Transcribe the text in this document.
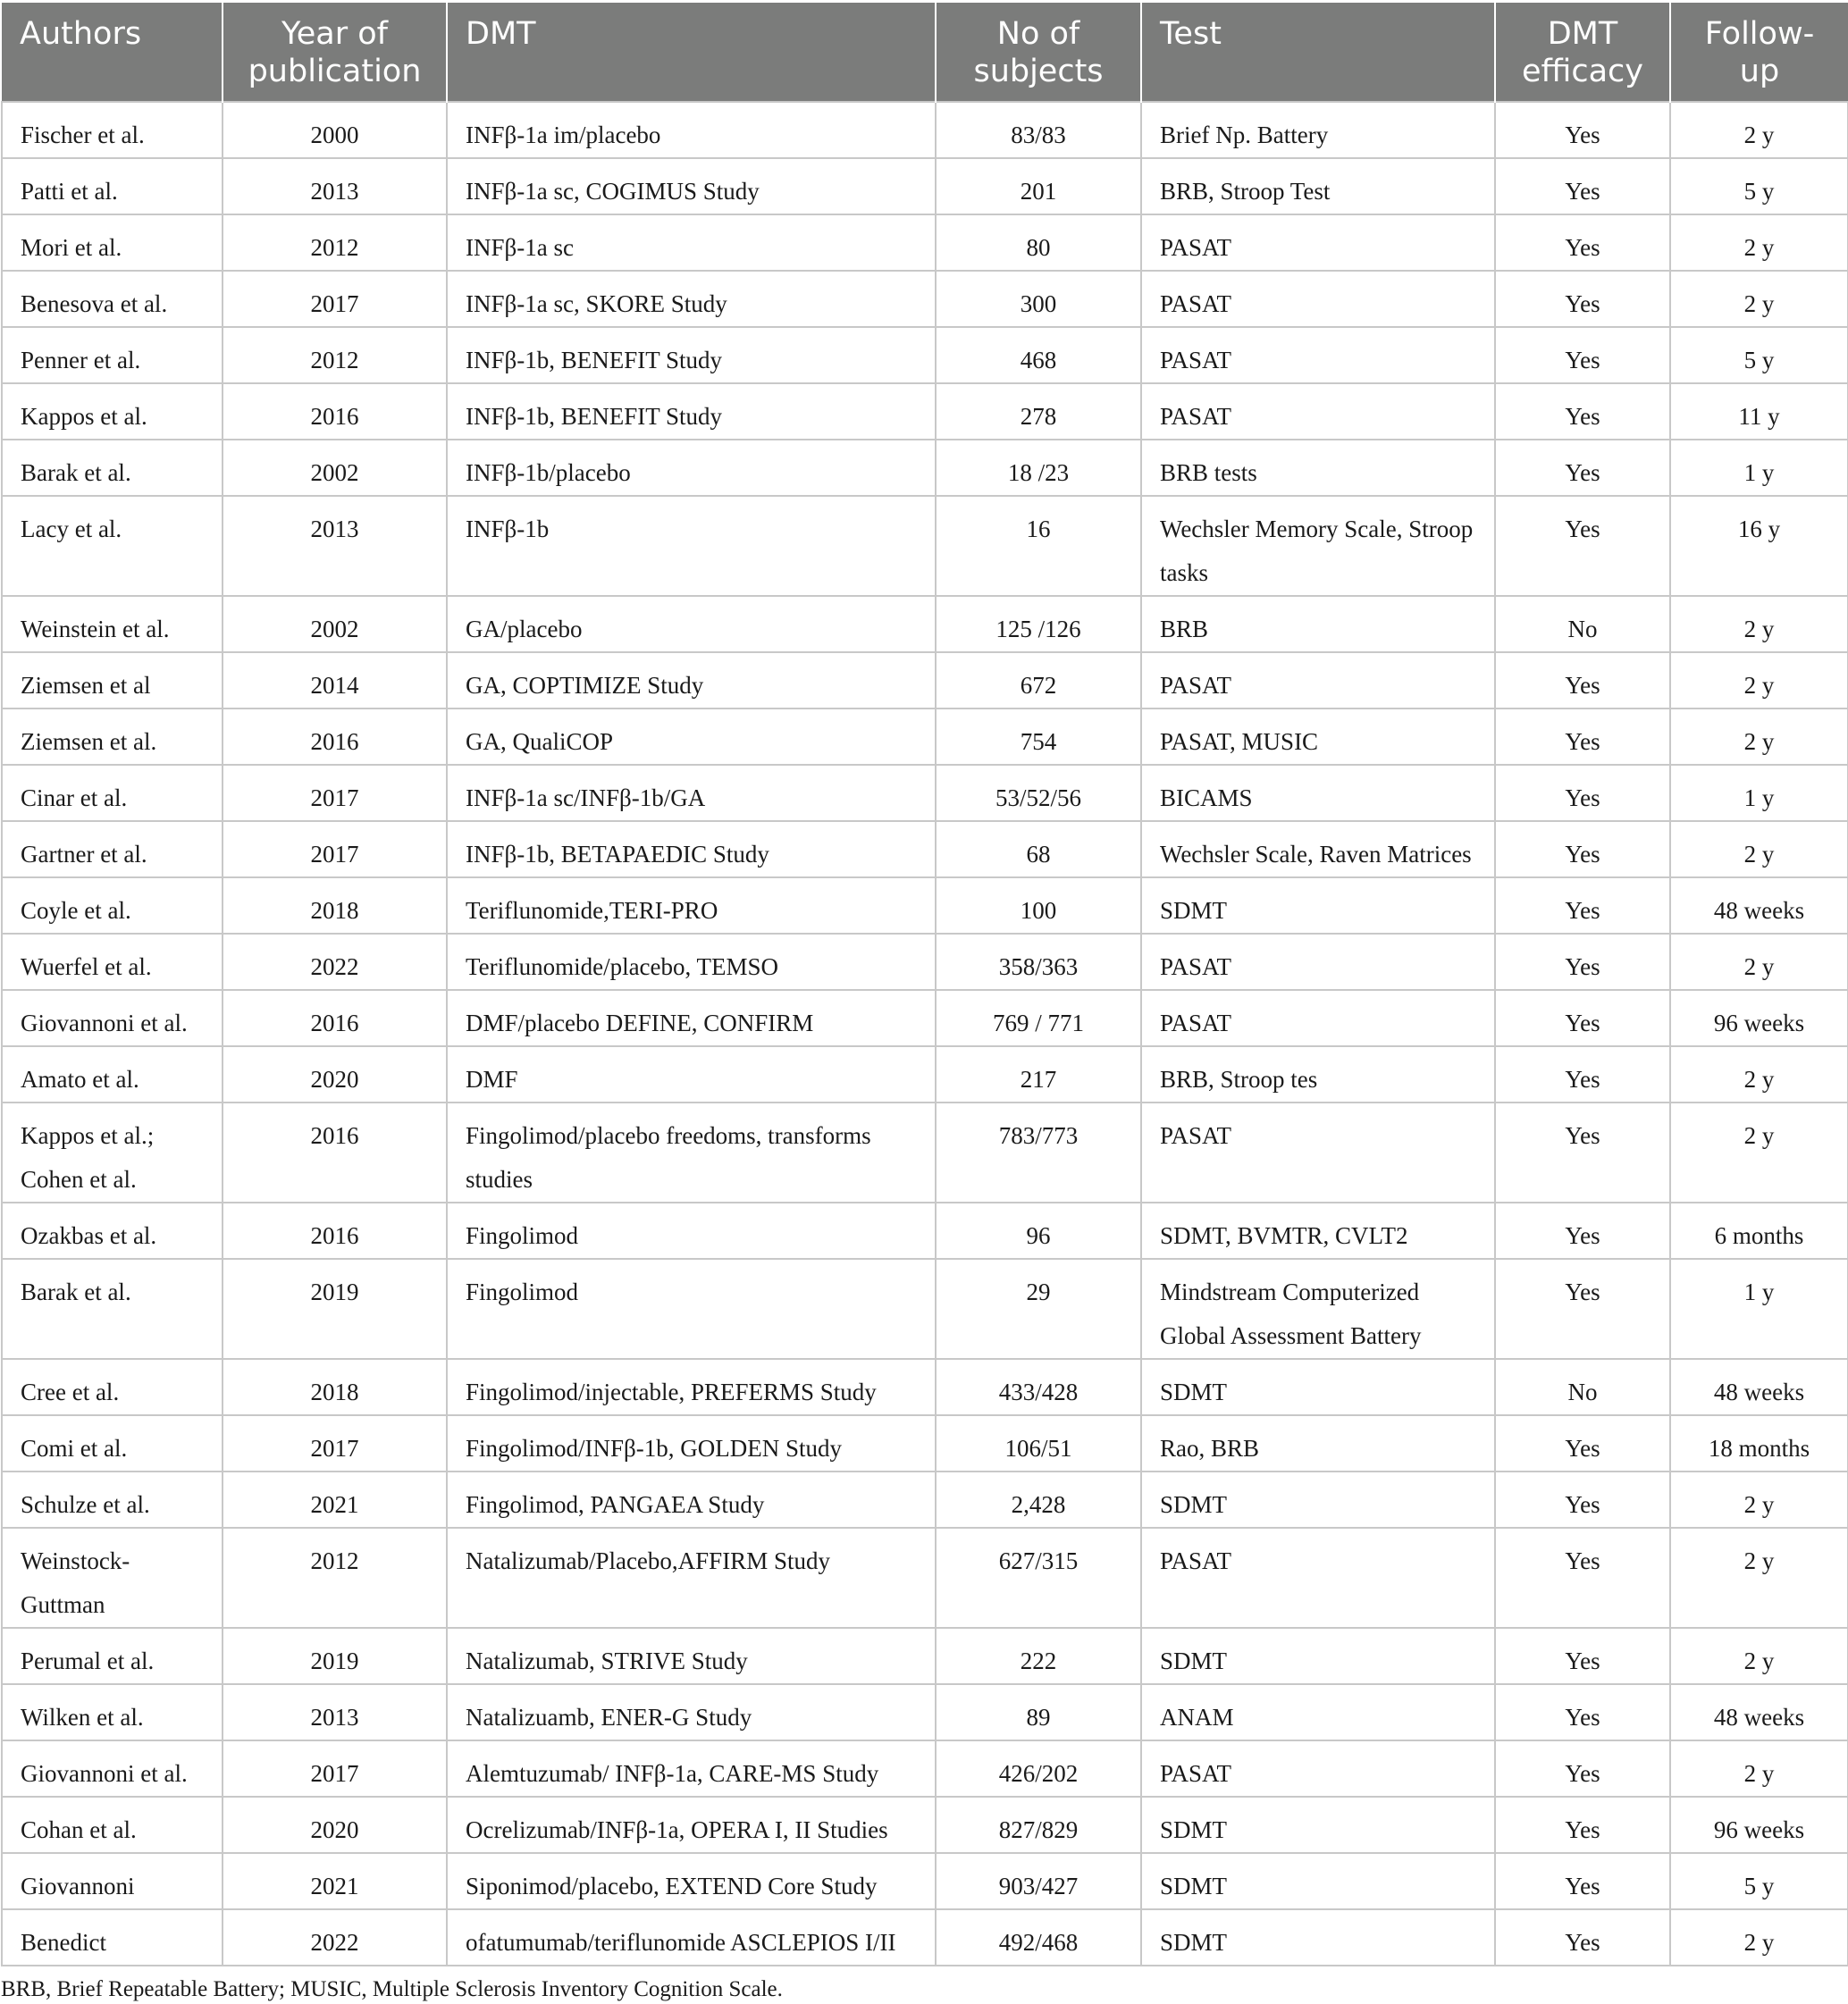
Authors	Year of publication	DMT	No of subjects	Test	DMT efficacy	Follow-up
Fischer et al.	2000	INFβ-1a im/placebo	83/83	Brief Np. Battery	Yes	2 y
Patti et al.	2013	INFβ-1a sc, COGIMUS Study	201	BRB, Stroop Test	Yes	5 y
Mori et al.	2012	INFβ-1a sc	80	PASAT	Yes	2 y
Benesova et al.	2017	INFβ-1a sc, SKORE Study	300	PASAT	Yes	2 y
Penner et al.	2012	INFβ-1b, BENEFIT Study	468	PASAT	Yes	5 y
Kappos et al.	2016	INFβ-1b, BENEFIT Study	278	PASAT	Yes	11 y
Barak et al.	2002	INFβ-1b/placebo	18 /23	BRB tests	Yes	1 y
Lacy et al.	2013	INFβ-1b	16	Wechsler Memory Scale, Stroop tasks	Yes	16 y
Weinstein et al.	2002	GA/placebo	125 /126	BRB	No	2 y
Ziemsen et al	2014	GA, COPTIMIZE Study	672	PASAT	Yes	2 y
Ziemsen et al.	2016	GA, QualiCOP	754	PASAT, MUSIC	Yes	2 y
Cinar et al.	2017	INFβ-1a sc/INFβ-1b/GA	53/52/56	BICAMS	Yes	1 y
Gartner et al.	2017	INFβ-1b, BETAPAEDIC Study	68	Wechsler Scale, Raven Matrices	Yes	2 y
Coyle et al.	2018	Teriflunomide,TERI-PRO	100	SDMT	Yes	48 weeks
Wuerfel et al.	2022	Teriflunomide/placebo, TEMSO	358/363	PASAT	Yes	2 y
Giovannoni et al.	2016	DMF/placebo DEFINE, CONFIRM	769 / 771	PASAT	Yes	96 weeks
Amato et al.	2020	DMF	217	BRB, Stroop tes	Yes	2 y
Kappos et al.; Cohen et al.	2016	Fingolimod/placebo freedoms, transforms studies	783/773	PASAT	Yes	2 y
Ozakbas et al.	2016	Fingolimod	96	SDMT, BVMTR, CVLT2	Yes	6 months
Barak et al.	2019	Fingolimod	29	Mindstream Computerized Global Assessment Battery	Yes	1 y
Cree et al.	2018	Fingolimod/injectable, PREFERMS Study	433/428	SDMT	No	48 weeks
Comi et al.	2017	Fingolimod/INFβ-1b, GOLDEN Study	106/51	Rao, BRB	Yes	18 months
Schulze et al.	2021	Fingolimod, PANGAEA Study	2,428	SDMT	Yes	2 y
Weinstock-Guttman	2012	Natalizumab/Placebo,AFFIRM Study	627/315	PASAT	Yes	2 y
Perumal et al.	2019	Natalizumab, STRIVE Study	222	SDMT	Yes	2 y
Wilken et al.	2013	Natalizuamb, ENER-G Study	89	ANAM	Yes	48 weeks
Giovannoni et al.	2017	Alemtuzumab/ INFβ-1a, CARE-MS Study	426/202	PASAT	Yes	2 y
Cohan et al.	2020	Ocrelizumab/INFβ-1a, OPERA I, II Studies	827/829	SDMT	Yes	96 weeks
Giovannoni	2021	Siponimod/placebo, EXTEND Core Study	903/427	SDMT	Yes	5 y
Benedict	2022	ofatumumab/teriflunomide ASCLEPIOS I/II	492/468	SDMT	Yes	2 y
BRB, Brief Repeatable Battery; MUSIC, Multiple Sclerosis Inventory Cognition Scale.
